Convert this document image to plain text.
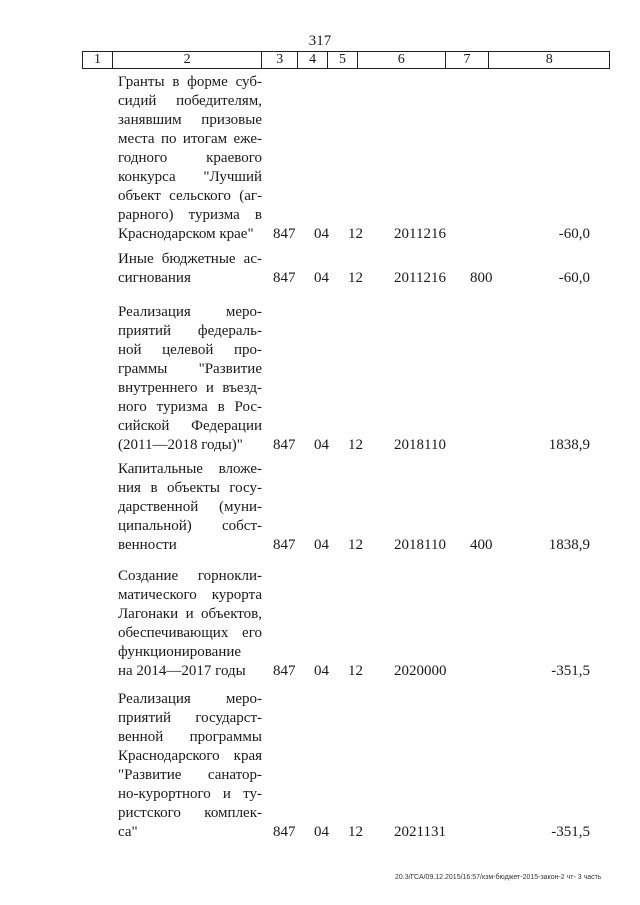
317
1	2	3	4	5	6	7	8
Гранты в форме суб-
сидий победителям,
занявшим призовые
места по итогам еже-
годного краевого
конкурса "Лучший
объект сельского (аг-
рарного) туризма в
Краснодарском крае"	847 04 12 2011216	-60,0
Иные бюджетные ас-
сигнования	847 04 12 2011216 800	-60,0
Реализация меро-
приятий федераль-
ной целевой про-
граммы "Развитие
внутреннего и въезд-
ного туризма в Рос-
сийской Федерации
(2011—2018 годы)"	847 04 12 2018110	1838,9
Капитальные вложе-
ния в объекты госу-
дарственной (муни-
ципальной) собст-
венности	847 04 12 2018110 400	1838,9
Создание горнокли-
матического курорта
Лагонаки и объектов,
обеспечивающих его
функционирование
на 2014—2017 годы	847 04 12 2020000	-351,5
Реализация меро-
приятий государст-
венной программы
Краснодарского края
"Развитие санатор-
но-курортного и ту-
ристского комплек-
са"	847 04 12 2021131	-351,5
20.3/ГСА/09.12.2015/16:57/кзм-бюджет-2015-закон-2 чт- 3 часть
